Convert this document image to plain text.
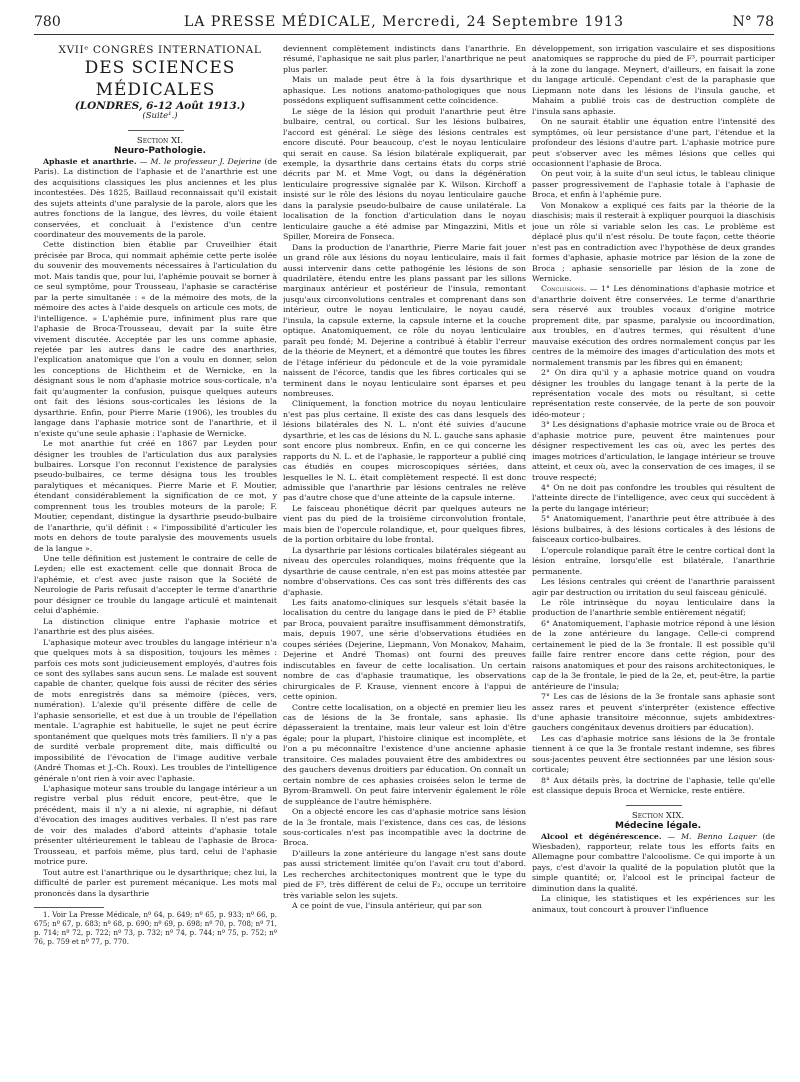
780	LA PRESSE MÉDICALE, Mercredi, 24 Septembre 1913	N° 78

XVIIᵉ CONGRÈS INTERNATIONAL

DES SCIENCES MÉDICALES

(LONDRES, 6-12 Août 1913.)

(Suite¹.)

Section XI.

Neuro-Pathologie.

Aphasie et anarthrie. — M. le professeur J. Dejerine (de Paris). La distinction de l'aphasie et de l'anarthrie est une des acquisitions classiques les plus anciennes et les plus incontestées. Dès 1825, Baillaud reconnaissait qu'il existait des sujets atteints d'une paralysie de la parole, alors que les autres fonctions de la langue, des lèvres, du voile étaient conservées, et concluait à l'existence d'un centre coordinateur des mouvements de la parole.

Cette distinction bien établie par Cruveilhier était précisée par Broca, qui nommait aphémie cette perte isolée du souvenir des mouvements nécessaires à l'articulation du mot. Mais tandis que, pour lui, l'aphémie pouvait se borner à ce seul symptôme, pour Trousseau, l'aphasie se caractérise par la perte simultanée : « de la mémoire des mots, de la mémoire des actes à l'aide desquels on articule ces mots, de l'intelligence. » L'aphémie pure, infiniment plus rare que l'aphasie de Broca-Trousseau, devait par la suite être vivement discutée. Acceptée par les uns comme aphasie, rejetée par les autres dans le cadre des anarthries, l'explication anatomique que l'on a voulu en donner, selon les conceptions de Hichtheim et de Wernicke, en la désignant sous le nom d'aphasie motrice sous-corticale, n'a fait qu'augmenter la confusion, puisque quelques auteurs ont fait des lésions sous-corticales les lésions de la dysarthrie. Enfin, pour Pierre Marie (1906), les troubles du langage dans l'aphasie motrice sont de l'anarthrie, et il n'existe qu'une seule aphasie : l'aphasie de Wernicke.

Le mot anarthie fut créé en 1867 par Leyden pour désigner les troubles de l'articulation dus aux paralysies bulbaires. Lorsque l'on reconnut l'existence de paralysies pseudo-bulbaires, ce terme désigna tous les troubles paralytiques et mécaniques. Pierre Marie et F. Moutier, étendant considérablement la signification de ce mot, y comprennent tous les troubles moteurs de la parole; F. Moutier, cependant, distingue la dysarthrie pseudo-bulbaire de l'anarthrie, qu'il définit : « l'impossibilité d'articuler les mots en dehors de toute paralysie des mouvements usuels de la langue ».

Une telle définition est justement le contraire de celle de Leyden; elle est exactement celle que donnait Broca de l'aphémie, et c'est avec juste raison que la Société de Neurologie de Paris refusait d'accepter le terme d'anarthrie pour désigner ce trouble du langage articulé et maintenait celui d'aphémie.

La distinction clinique entre l'aphasie motrice et l'anarthrie est des plus aisées.

L'aphasique moteur avec troubles du langage intérieur n'a que quelques mots à sa disposition, toujours les mêmes : parfois ces mots sont judicieusement employés, d'autres fois ce sont des syllabes sans aucun sens. Le malade est souvent capable de chanter, quelque fois aussi de réciter des séries de mots enregistrés dans sa mémoire (pièces, vers, numération). L'alexie qu'il présente diffère de celle de l'aphasie sensorielle, et est due à un trouble de l'épellation mentale. L'agraphie est habituelle, le sujet ne peut écrire spontanément que quelques mots très familiers. Il n'y a pas de surdité verbale proprement dite, mais difficulté ou impossibilité de l'évocation de l'image auditive verbale (André Thomas et J.-Ch. Roux). Les troubles de l'intelligence générale n'ont rien à voir avec l'aphasie.

L'aphasique moteur sans trouble du langage intérieur a un registre verbal plus réduit encore, peut-être, que le précédent, mais il n'y a ni alexie, ni agraphie, ni défaut d'évocation des images auditives verbales. Il n'est pas rare de voir des malades d'abord atteints d'aphasie totale présenter ultérieurement le tableau de l'aphasie de Broca-Trousseau, et parfois même, plus tard, celui de l'aphasie motrice pure.

Tout autre est l'anarthrique ou le dysarthrique; chez lui, la difficulté de parler est purement mécanique. Les mots mal prononcés dans la dysarthrie

1. Voir La Presse Médicale, nº 64, p. 649; nº 65, p. 933; nº 66, p. 675; nº 67, p. 683; nº 68, p. 690; nº 69, p. 698; nº 70, p. 708; nº 71, p. 714; nº 72, p. 722; nº 73, p. 732; nº 74, p. 744; nº 75, p. 752; nº 76, p. 759 et nº 77, p. 770.

deviennent complètement indistincts dans l'anarthrie. En résumé, l'aphasique ne sait plus parler, l'anarthrique ne peut plus parler.

Mais un malade peut être à la fois dysarthrique et aphasique. Les notions anatomo-pathologiques que nous possédons expliquent suffisamment cette coïncidence.

Le siège de la lésion qui produit l'anarthrie peut être bulbaire, central, ou cortical. Sur les lésions bulbaires, l'accord est général. Le siège des lésions centrales est encore discuté. Pour beaucoup, c'est le noyau lenticulaire qui serait en cause. Sa lésion bilatérale expliquerait, par exemple, la dysarthrie dans certains états du corps strié décrits par M. et Mme Vogt, ou dans la dégénération lenticulaire progressive signalée par K. Wilson. Kirchoff a insisté sur le rôle des lésions du noyau lenticulaire gauche dans la paralysie pseudo-bulbaire de cause unilatérale. La localisation de la fonction d'articulation dans le noyau lenticulaire gauche a été admise par Mingazzini, Mitls et Spiller, Moreira de Fonseca.

Dans la production de l'anarthrie, Pierre Marie fait jouer un grand rôle aux lésions du noyau lenticulaire, mais il fait aussi intervenir dans cette pathogénie les lésions de son quadrilatère, étendu entre les plans passant par les sillons marginaux antérieur et postérieur de l'insula, remontant jusqu'aux circonvolutions centrales et comprenant dans son intérieur, outre le noyau lenticulaire, le noyau caudé, l'insula, la capsule externe, la capsule interne et la couche optique. Anatomiquement, ce rôle du noyau lenticulaire paraît peu fondé; M. Dejerine a contribué à établir l'erreur de la théorie de Meynert, et a démontré que toutes les fibres de l'étage inférieur du pédoncule et de la voie pyramidale naissent de l'écorce, tandis que les fibres corticales qui se terminent dans le noyau lenticulaire sont éparses et peu nombreuses.

Cliniquement, la fonction motrice du noyau lenticulaire n'est pas plus certaine. Il existe des cas dans lesquels des lésions bilatérales des N. L. n'ont été suivies d'aucune dysarthrie, et les cas de lésions du N. L. gauche sans aphasie sont encore plus nombreux. Enfin, en ce qui concerne les rapports du N. L. et de l'aphasie, le rapporteur a publié cinq cas étudiés en coupes microscopiques sériées, dans lesquelles le N. L. était complètement respecté. Il est donc admissible que l'anarthrie par lésions centrales ne relève pas d'autre chose que d'une atteinte de la capsule interne.

Le faisceau phonétique décrit par quelques auteurs ne vient pas du pied de la troisième circonvolution frontale, mais bien de l'opercule rolandique, et, pour quelques fibres, de la portion orbitaire du lobe frontal.

La dysarthrie par lésions corticales bilatérales siégeant au niveau des opercules rolandiques, moins fréquente que la dysarthrie de cause centrale, n'en est pas moins attestée par nombre d'observations. Ces cas sont très différents des cas d'aphasie.

Les faits anatomo-cliniques sur lesquels s'était basée la localisation du centre du langage dans le pied de F³ établie par Broca, pouvaient paraître insuffisamment démonstratifs, mais, depuis 1907, une série d'observations étudiées en coupes sériées (Dejerine, Liepmann, Von Monakov, Mahaim, Dejerine et André Thomas) ont fourni des preuves indiscutables en faveur de cette localisation. Un certain nombre de cas d'aphasie traumatique, les observations chirurgicales de F. Krause, viennent encore à l'appui de cette opinion.

Contre cette localisation, on a objecté en premier lieu les cas de lésions de la 3e frontale, sans aphasie. Ils dépasseraient la trentaine, mais leur valeur est loin d'être égale; pour la plupart, l'histoire clinique est incomplète, et l'on a pu méconnaître l'existence d'une ancienne aphasie transitoire. Ces malades pouvaient être des ambidextres ou des gauchers devenus droitiers par éducation. On connaît un certain nombre de ces aphasies croisées selon le terme de Byrom-Bramwell. On peut faire intervenir également le rôle de suppléance de l'autre hémisphère.

On a objecté encore les cas d'aphasie motrice sans lésion de la 3e frontale, mais l'existence, dans ces cas, de lésions sous-corticales n'est pas incompatible avec la doctrine de Broca.

D'ailleurs la zone antérieure du langage n'est sans doute pas aussi strictement limitée qu'on l'avait cru tout d'abord. Les recherches architectoniques montrent que le type du pied de F³, très différent de celui de F₂, occupe un territoire très variable selon les sujets.

A ce point de vue, l'insula antérieur, qui par son

développement, son irrigation vasculaire et ses dispositions anatomiques se rapproche du pied de F³, pourrait participer à la zone du langage. Meynert, d'ailleurs, en faisait la zone du langage articulé. Cependant c'est de la paraphasie que Liepmann note dans les lésions de l'insula gauche, et Mahaim a publié trois cas de destruction complète de l'insula sans aphasie.

On ne saurait établir une équation entre l'intensité des symptômes, où leur persistance d'une part, l'étendue et la profondeur des lésions d'autre part. L'aphasie motrice pure peut s'observer avec les mêmes lésions que celles qui occasionnent l'aphasie de Broca.

On peut voir, à la suite d'un seul ictus, le tableau clinique passer progressivement de l'aphasie totale à l'aphasie de Broca, et enfin à l'aphémie pure.

Von Monakow a expliqué ces faits par la théorie de la diaschisis; mais il resterait à expliquer pourquoi la diaschisis joue un rôle si variable selon les cas. Le problème est déplacé plus qu'il n'est résolu. De toute façon, cette théorie n'est pas en contradiction avec l'hypothèse de deux grandes formes d'aphasie, aphasie motrice par lésion de la zone de Broca ; aphasie sensorielle par lésion de la zone de Wernicke.

Conclusions. — 1° Les dénominations d'aphasie motrice et d'anarthrie doivent être conservées. Le terme d'anarthrie sera réservé aux troubles vocaux d'origine motrice proprement dite, par spasme, paralysie ou incoordination, aux troubles, en d'autres termes, qui résultent d'une mauvaise exécution des ordres normalement conçus par les centres de la mémoire des images d'articulation des mots et normalement transmis par les fibres qui en émanent;

2° On dira qu'il y a aphasie motrice quand on voudra désigner les troubles du langage tenant à la perte de la représentation vocale des mots ou résultant, si cette représentation reste conservée, de la perte de son pouvoir idéo-moteur ;

3° Les désignations d'aphasie motrice vraie ou de Broca et d'aphasie motrice pure, peuvent être maintenues pour désigner respectivement les cas où, avec les pertes des images motrices d'articulation, le langage intérieur se trouve atteint, et ceux où, avec la conservation de ces images, il se trouve respecté;

4° On ne doit pas confondre les troubles qui résultent de l'atteinte directe de l'intelligence, avec ceux qui succèdent à la perte du langage intérieur;

5° Anatomiquement, l'anarthrie peut être attribuée à des lésions bulbaires, à des lésions corticales à des lésions de faisceaux cortico-bulbaires.

L'opercule rolandique paraît être le centre cortical dont la lésion entraîne, lorsqu'elle est bilatérale, l'anarthrie permanente.

Les lésions centrales qui créent de l'anarthrie paraissent agir par destruction ou irritation du seul faisceau géniculé.

Le rôle intrinsèque du noyau lenticulaire dans la production de l'anarthrie semble entièrement négatif;

6° Anatomiquement, l'aphasie motrice répond à une lésion de la zone antérieure du langage. Celle-ci comprend certainement le pied de la 3e frontale. Il est possible qu'il faille faire rentrer encore dans cette région, pour des raisons anatomiques et pour des raisons architectoniques, le cap de la 3e frontale, le pied de la 2e, et, peut-être, la partie antérieure de l'insula;

7° Les cas de lésions de la 3e frontale sans aphasie sont assez rares et peuvent s'interpréter (existence effective d'une aphasie transitoire méconnue, sujets ambidextres-gauchers congénitaux devenus droitiers par éducation).

Les cas d'aphasie motrice sans lésions de la 3e frontale tiennent à ce que la 3e frontale restant indemne, ses fibres sous-jacentes peuvent être sectionnées par une lésion sous-corticale;

8° Aux détails près, la doctrine de l'aphasie, telle qu'elle est classique depuis Broca et Wernicke, reste entière.

Section XIX.

Médecine légale.

Alcool et dégénérescence. — M. Benno Laquer (de Wiesbaden), rapporteur, relate tous les efforts faits en Allemagne pour combattre l'alcoolisme. Ce qui importe à un pays, c'est d'avoir la qualité de la population plutôt que la simple quantité; or, l'alcool est le principal facteur de diminution dans la qualité.

La clinique, les statistiques et les expériences sur les animaux, tout concourt à prouver l'influence
